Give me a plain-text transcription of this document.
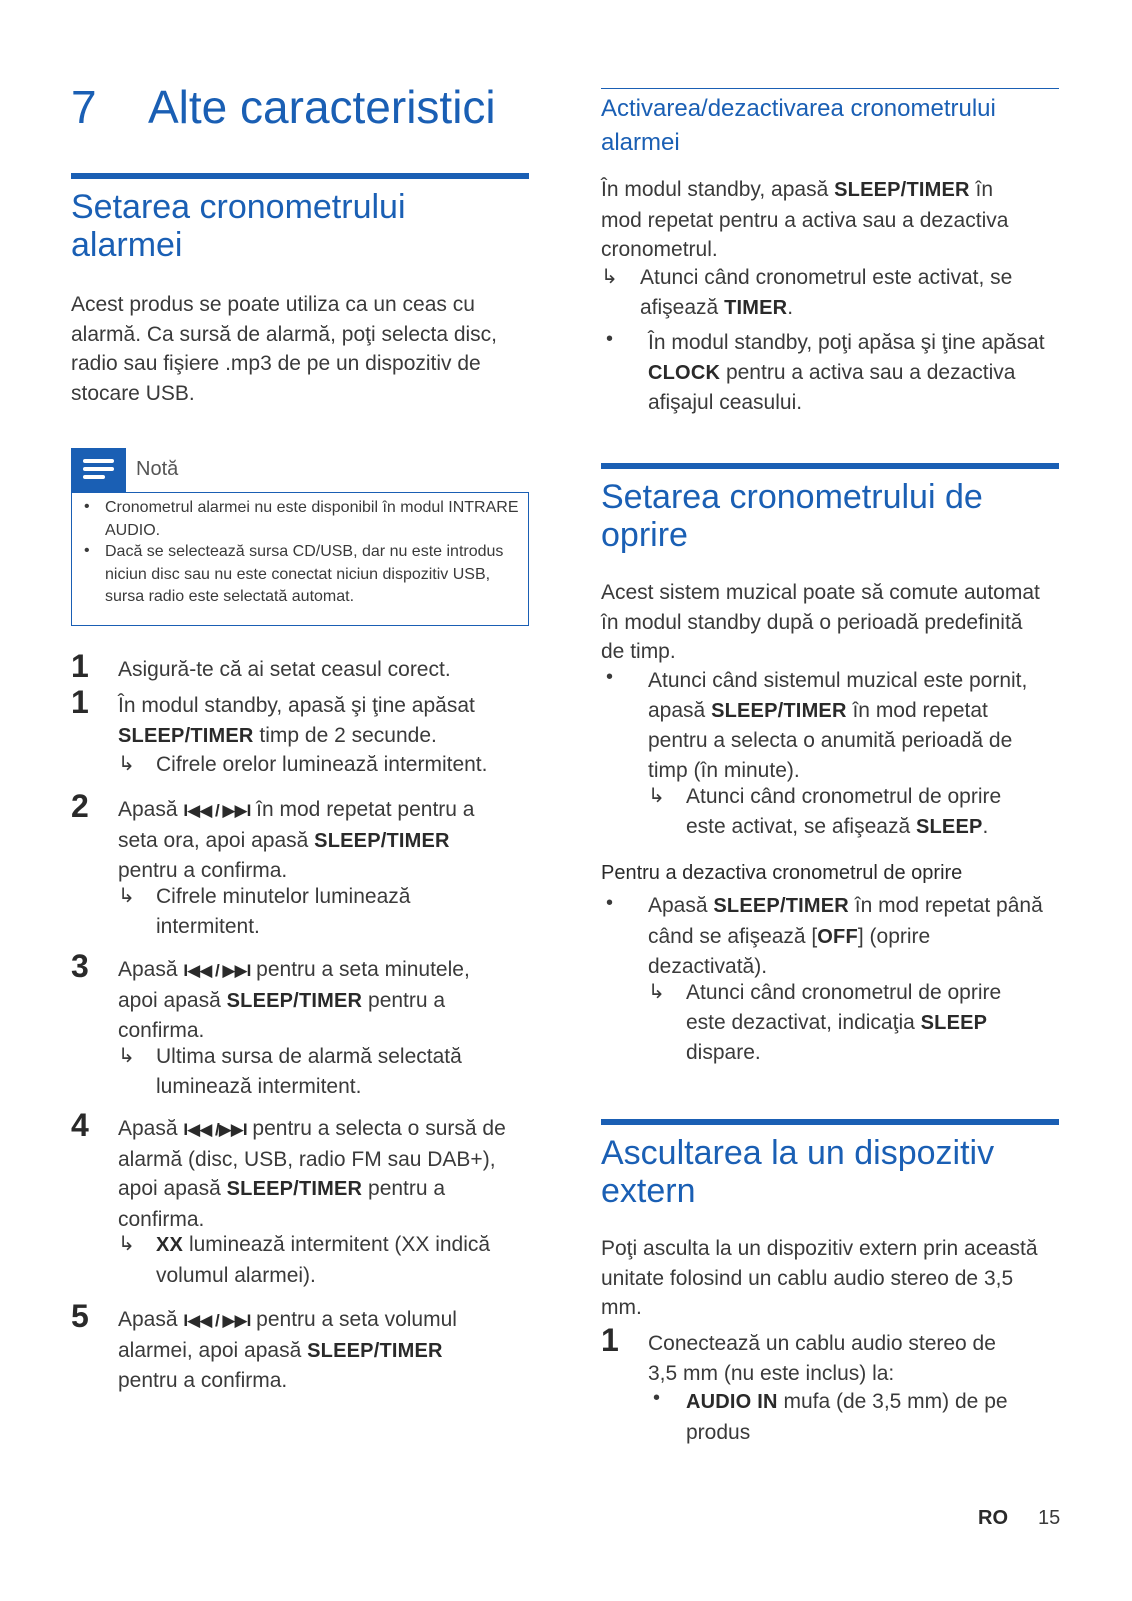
7 Alte caracteristici
Setarea cronometrului alarmei

Acest produs se poate utiliza ca un ceas cu alarmă. Ca sursă de alarmă, poţi selecta disc, radio sau fişiere .mp3 de pe un dispozitiv de stocare USB.

Notă
• Cronometrul alarmei nu este disponibil în modul INTRARE AUDIO.
• Dacă se selectează sursa CD/USB, dar nu este introdus niciun disc sau nu este conectat niciun dispozitiv USB, sursa radio este selectată automat.
1 Asigură-te că ai setat ceasul corect.

1 În modul standby, apasă şi ţine apăsat SLEEP/TIMER timp de 2 secunde.

↳ Cifrele orelor luminează intermitent.

2 Apasă I◀◀ / ▶▶I în mod repetat pentru a seta ora, apoi apasă SLEEP/TIMER pentru a confirma.

↳ Cifrele minutelor luminează intermitent.

3 Apasă I◀◀ / ▶▶I pentru a seta minutele, apoi apasă SLEEP/TIMER pentru a confirma.

↳ Ultima sursa de alarmă selectată luminează intermitent.

4 Apasă I◀◀ /▶▶I pentru a selecta o sursă de alarmă (disc, USB, radio FM sau DAB+), apoi apasă SLEEP/TIMER pentru a confirma.

↳ XX luminează intermitent (XX indică volumul alarmei).

5 Apasă I◀◀ / ▶▶I pentru a seta volumul alarmei, apoi apasă SLEEP/TIMER pentru a confirma.

Activarea/dezactivarea cronometrului alarmei

În modul standby, apasă SLEEP/TIMER în mod repetat pentru a activa sau a dezactiva cronometrul.

↳ Atunci când cronometrul este activat, se afişează TIMER.

• În modul standby, poţi apăsa şi ţine apăsat CLOCK pentru a activa sau a dezactiva afişajul ceasului.

Setarea cronometrului de oprire

Acest sistem muzical poate să comute automat în modul standby după o perioadă predefinită de timp.

• Atunci când sistemul muzical este pornit, apasă SLEEP/TIMER în mod repetat pentru a selecta o anumită perioadă de timp (în minute).

↳ Atunci când cronometrul de oprire este activat, se afişează SLEEP.

Pentru a dezactiva cronometrul de oprire

• Apasă SLEEP/TIMER în mod repetat până când se afişează [OFF] (oprire dezactivată).

↳ Atunci când cronometrul de oprire este dezactivat, indicaţia SLEEP dispare.

Ascultarea la un dispozitiv extern

Poţi asculta la un dispozitiv extern prin această unitate folosind un cablu audio stereo de 3,5 mm.

1 Conectează un cablu audio stereo de 3,5 mm (nu este inclus) la:

• AUDIO IN mufa (de 3,5 mm) de pe produs

RO 15
